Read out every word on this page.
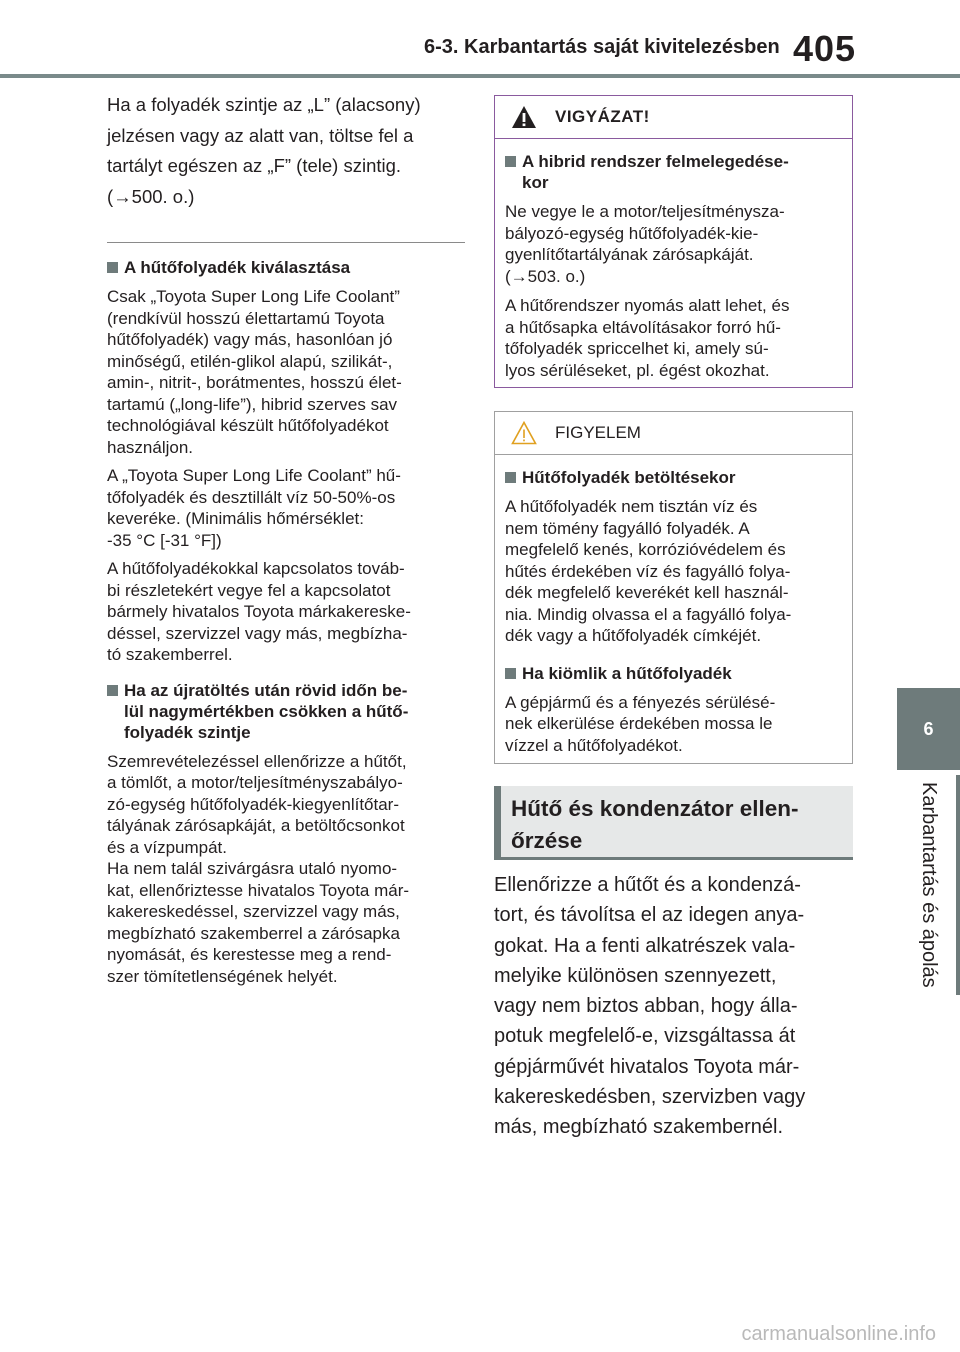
6-3. Karbantartás saját kivitelezésben 405
6
Karbantartás és ápolás

Ha a folyadék szintje az „L” (alacsony)

jelzésen vagy az alatt van, töltse fel a

tartályt egészen az „F” (tele) szintig.

(→500. o.)

A hűtőfolyadék kiválasztása

Csak „Toyota Super Long Life Coolant”

(rendkívül hosszú élettartamú Toyota

hűtőfolyadék) vagy más, hasonlóan jó

minőségű, etilén-glikol alapú, szilikát-,

amin-, nitrit-, borátmentes, hosszú élet-

tartamú („long-life”), hibrid szerves sav

technológiával készült hűtőfolyadékot

használjon.

A „Toyota Super Long Life Coolant” hű-

tőfolyadék és desztillált víz 50-50%-os

keveréke. (Minimális hőmérséklet:

-35 °C [-31 °F])

A hűtőfolyadékokkal kapcsolatos továb-

bi részletekért vegye fel a kapcsolatot

bármely hivatalos Toyota márkakereske-

déssel, szervizzel vagy más, megbízha-

tó szakemberrel.

Ha az újratöltés után rövid időn be-
lül nagymértékben csökken a hűtő-
folyadék szintje

Szemrevételezéssel ellenőrizze a hűtőt,

a tömlőt, a motor/teljesítményszabályo-

zó-egység hűtőfolyadék-kiegyenlítőtar-

tályának zárósapkáját, a betöltőcsonkot

és a vízpumpát.

Ha nem talál szivárgásra utaló nyomo-

kat, ellenőriztesse hivatalos Toyota már-

kakereskedéssel, szervizzel vagy más,

megbízható szakemberrel a zárósapka

nyomását, és kerestesse meg a rend-

szer tömítetlenségének helyét.

VIGYÁZAT!
A hibrid rendszer felmelegedése-
kor

Ne vegye le a motor/teljesítménysza-

bályozó-egység hűtőfolyadék-kie-

gyenlítőtartályának zárósapkáját.

(→503. o.)

A hűtőrendszer nyomás alatt lehet, és

a hűtősapka eltávolításakor forró hű-

tőfolyadék spriccelhet ki, amely sú-

lyos sérüléseket, pl. égést okozhat.

FIGYELEM
Hűtőfolyadék betöltésekor

A hűtőfolyadék nem tisztán víz és

nem tömény fagyálló folyadék. A

megfelelő kenés, korrózióvédelem és

hűtés érdekében víz és fagyálló folya-

dék megfelelő keverékét kell használ-

nia. Mindig olvassa el a fagyálló folya-

dék vagy a hűtőfolyadék címkéjét.

Ha kiömlik a hűtőfolyadék

A gépjármű és a fényezés sérülésé-

nek elkerülése érdekében mossa le

vízzel a hűtőfolyadékot.

Hűtő és kondenzátor ellen-
őrzése

Ellenőrizze a hűtőt és a kondenzá-

tort, és távolítsa el az idegen anya-

gokat. Ha a fenti alkatrészek vala-

melyike különösen szennyezett,

vagy nem biztos abban, hogy álla-

potuk megfelelő-e, vizsgáltassa át

gépjárművét hivatalos Toyota már-

kakereskedésben, szervizben vagy

más, megbízható szakembernél.

carmanualsonline.info
